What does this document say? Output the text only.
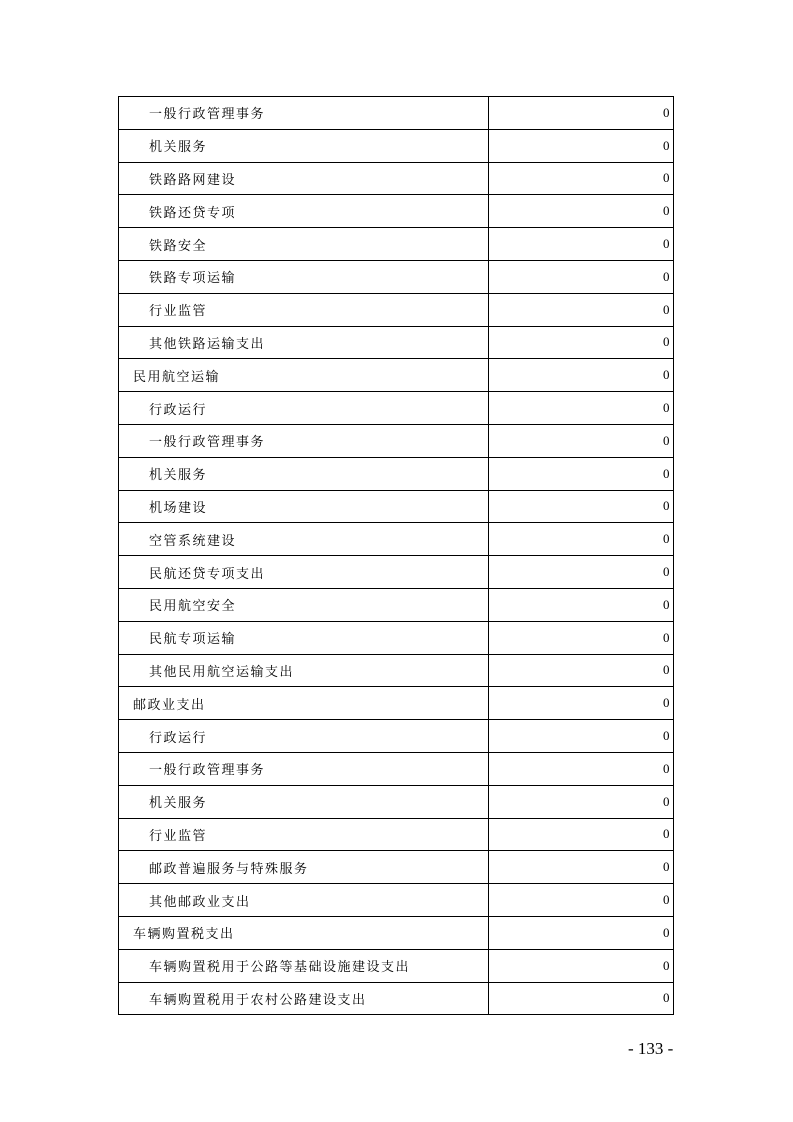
一般行政管理事务	0
机关服务	0
铁路路网建设	0
铁路还贷专项	0
铁路安全	0
铁路专项运输	0
行业监管	0
其他铁路运输支出	0
民用航空运输	0
行政运行	0
一般行政管理事务	0
机关服务	0
机场建设	0
空管系统建设	0
民航还贷专项支出	0
民用航空安全	0
民航专项运输	0
其他民用航空运输支出	0
邮政业支出	0
行政运行	0
一般行政管理事务	0
机关服务	0
行业监管	0
邮政普遍服务与特殊服务	0
其他邮政业支出	0
车辆购置税支出	0
车辆购置税用于公路等基础设施建设支出	0
车辆购置税用于农村公路建设支出	0
- 133 -
